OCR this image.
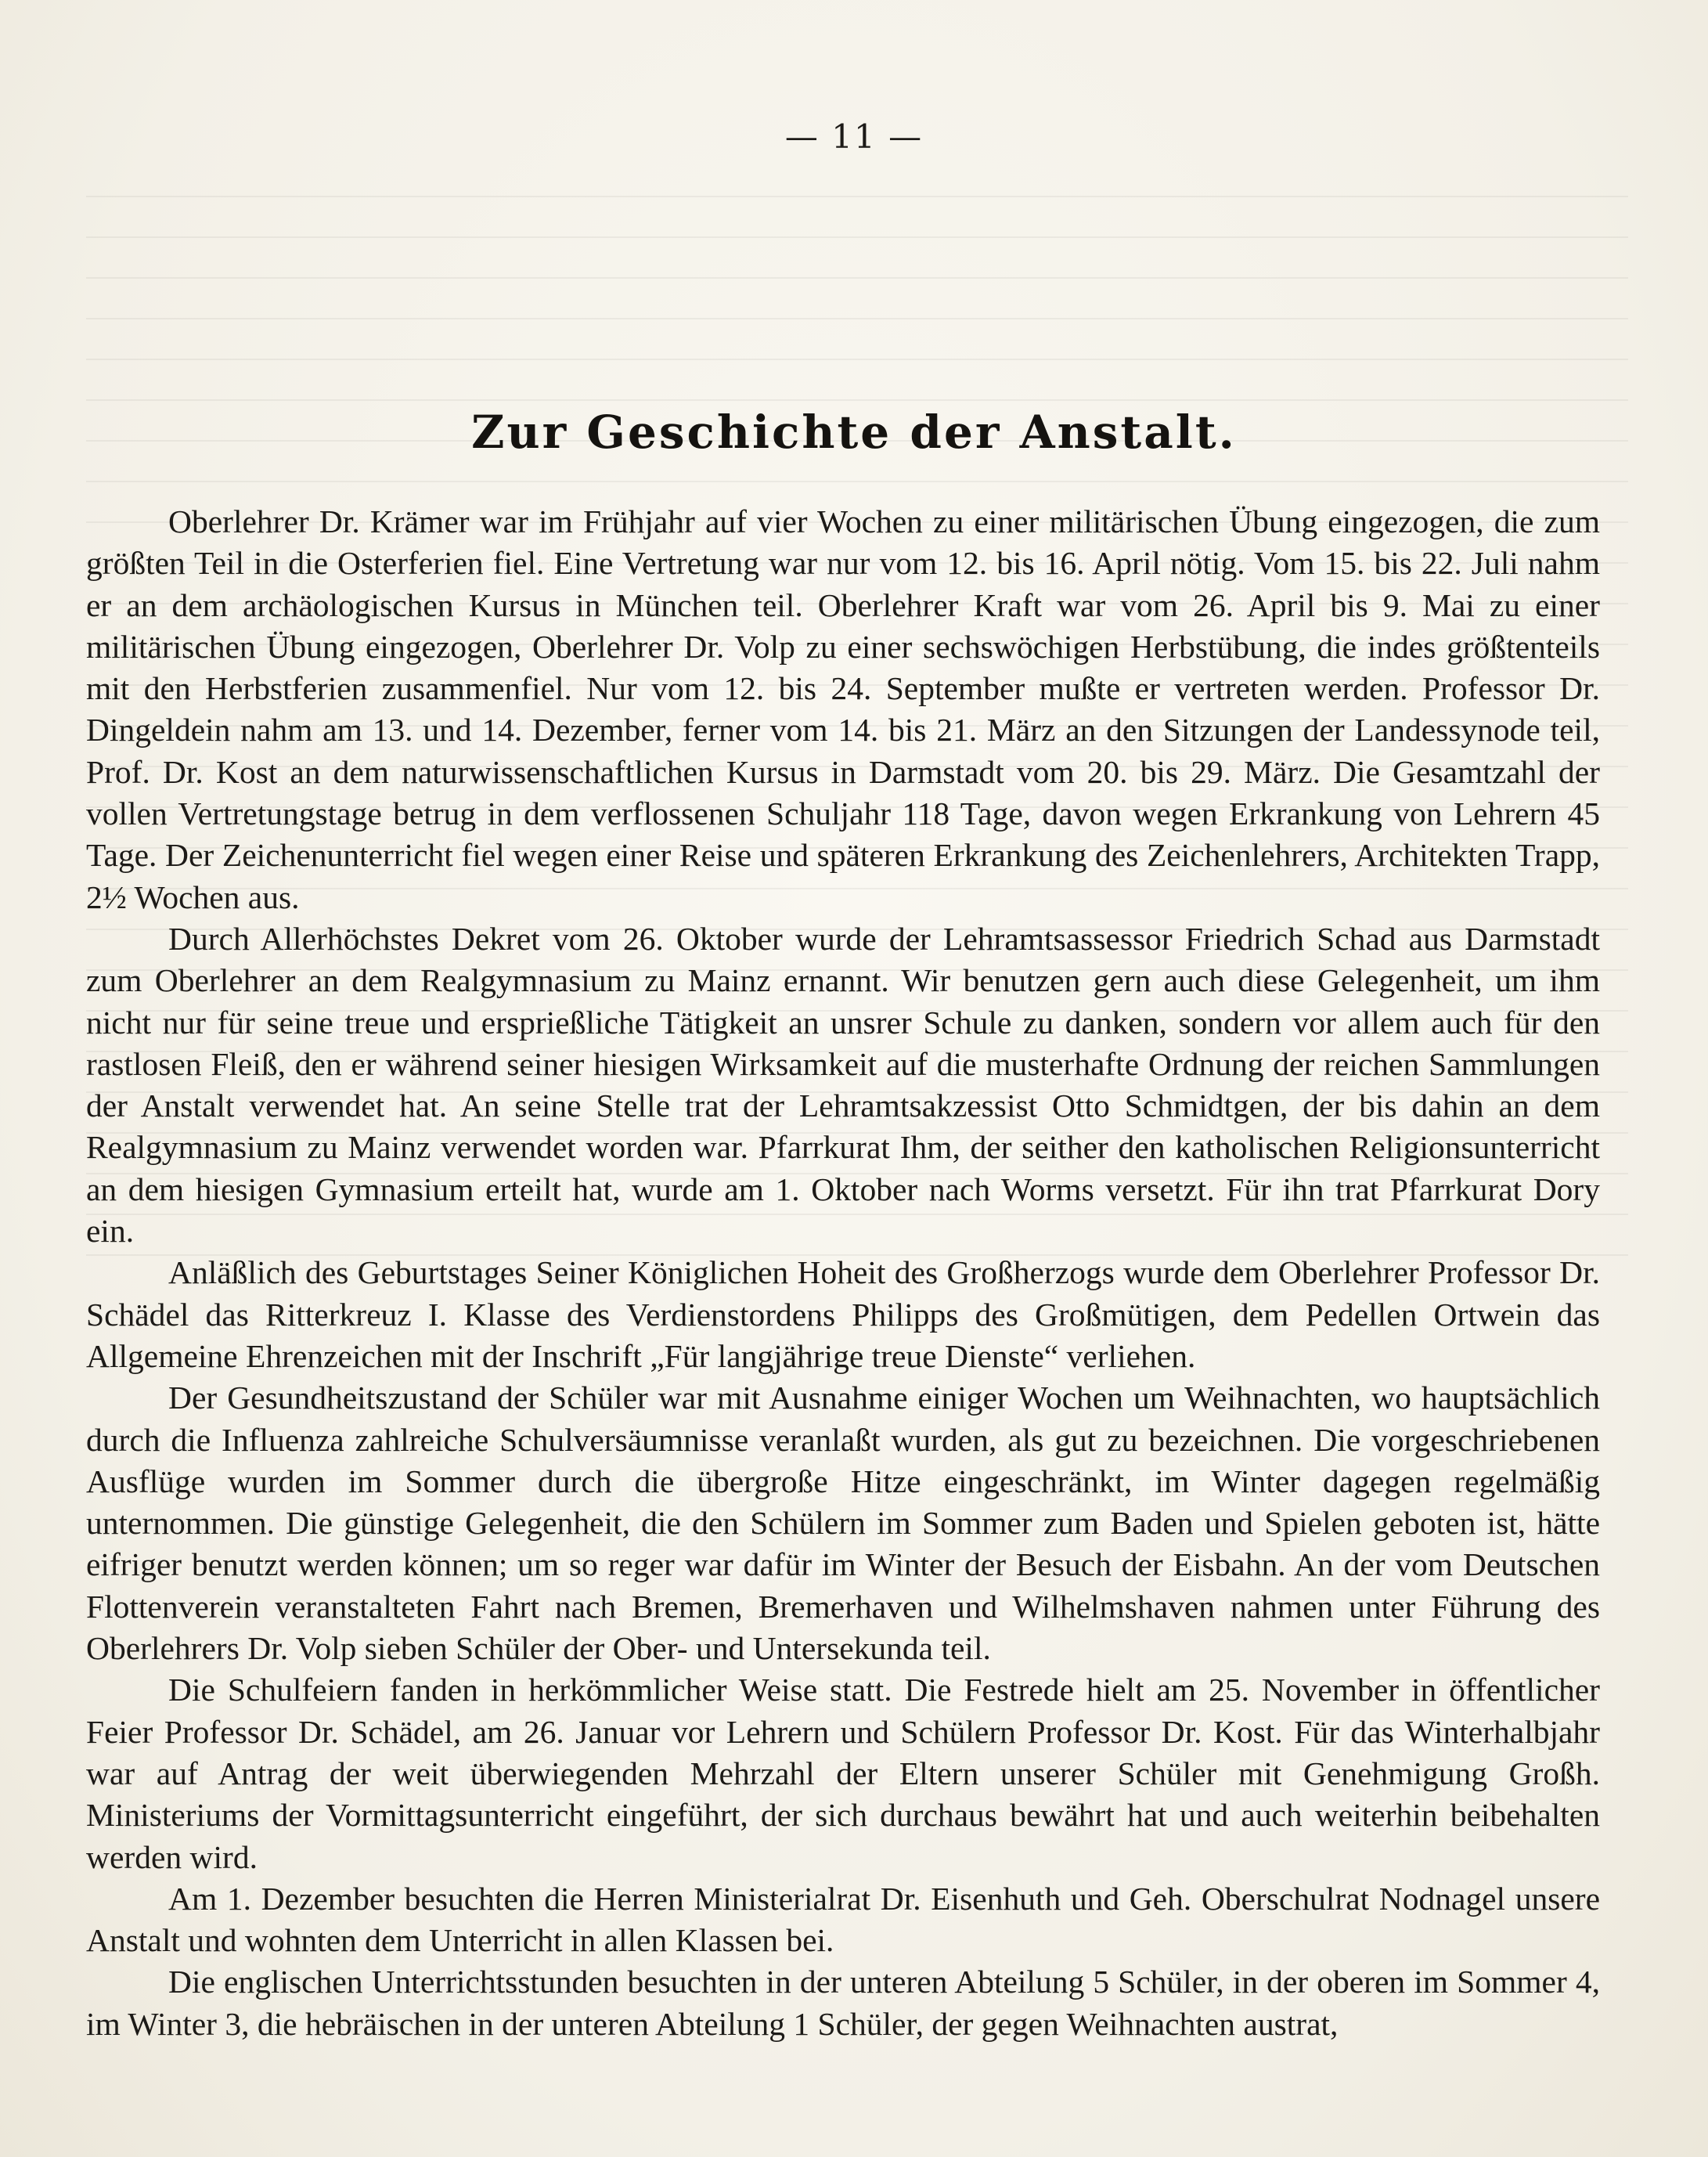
— 11 —
Zur Geschichte der Anstalt.

Oberlehrer Dr. Krämer war im Frühjahr auf vier Wochen zu einer militärischen Übung eingezogen, die zum größten Teil in die Osterferien fiel. Eine Vertretung war nur vom 12. bis 16. April nötig. Vom 15. bis 22. Juli nahm er an dem archäologischen Kursus in München teil. Oberlehrer Kraft war vom 26. April bis 9. Mai zu einer militärischen Übung eingezogen, Oberlehrer Dr. Volp zu einer sechswöchigen Herbstübung, die indes größtenteils mit den Herbstferien zusammenfiel. Nur vom 12. bis 24. September mußte er vertreten werden. Professor Dr. Dingeldein nahm am 13. und 14. Dezember, ferner vom 14. bis 21. März an den Sitzungen der Landessynode teil, Prof. Dr. Kost an dem naturwissenschaftlichen Kursus in Darmstadt vom 20. bis 29. März. Die Gesamtzahl der vollen Vertretungstage betrug in dem verflossenen Schuljahr 118 Tage, davon wegen Erkrankung von Lehrern 45 Tage. Der Zeichenunterricht fiel wegen einer Reise und späteren Erkrankung des Zeichenlehrers, Architekten Trapp, 2½ Wochen aus.

Durch Allerhöchstes Dekret vom 26. Oktober wurde der Lehramtsassessor Friedrich Schad aus Darmstadt zum Oberlehrer an dem Realgymnasium zu Mainz ernannt. Wir benutzen gern auch diese Gelegenheit, um ihm nicht nur für seine treue und ersprießliche Tätigkeit an unsrer Schule zu danken, sondern vor allem auch für den rastlosen Fleiß, den er während seiner hiesigen Wirksamkeit auf die musterhafte Ordnung der reichen Sammlungen der Anstalt verwendet hat. An seine Stelle trat der Lehramtsakzessist Otto Schmidtgen, der bis dahin an dem Realgymnasium zu Mainz verwendet worden war. Pfarrkurat Ihm, der seither den katholischen Religionsunterricht an dem hiesigen Gymnasium erteilt hat, wurde am 1. Oktober nach Worms versetzt. Für ihn trat Pfarrkurat Dory ein.

Anläßlich des Geburtstages Seiner Königlichen Hoheit des Großherzogs wurde dem Oberlehrer Professor Dr. Schädel das Ritterkreuz I. Klasse des Verdienstordens Philipps des Großmütigen, dem Pedellen Ortwein das Allgemeine Ehrenzeichen mit der Inschrift „Für langjährige treue Dienste“ verliehen.

Der Gesundheitszustand der Schüler war mit Ausnahme einiger Wochen um Weihnachten, wo hauptsächlich durch die Influenza zahlreiche Schulversäumnisse veranlaßt wurden, als gut zu bezeichnen. Die vorgeschriebenen Ausflüge wurden im Sommer durch die übergroße Hitze eingeschränkt, im Winter dagegen regelmäßig unternommen. Die günstige Gelegenheit, die den Schülern im Sommer zum Baden und Spielen geboten ist, hätte eifriger benutzt werden können; um so reger war dafür im Winter der Besuch der Eisbahn. An der vom Deutschen Flottenverein veranstalteten Fahrt nach Bremen, Bremerhaven und Wilhelmshaven nahmen unter Führung des Oberlehrers Dr. Volp sieben Schüler der Ober- und Untersekunda teil.

Die Schulfeiern fanden in herkömmlicher Weise statt. Die Festrede hielt am 25. November in öffentlicher Feier Professor Dr. Schädel, am 26. Januar vor Lehrern und Schülern Professor Dr. Kost. Für das Winterhalbjahr war auf Antrag der weit überwiegenden Mehrzahl der Eltern unserer Schüler mit Genehmigung Großh. Ministeriums der Vormittagsunterricht eingeführt, der sich durchaus bewährt hat und auch weiterhin beibehalten werden wird.

Am 1. Dezember besuchten die Herren Ministerialrat Dr. Eisenhuth und Geh. Oberschulrat Nodnagel unsere Anstalt und wohnten dem Unterricht in allen Klassen bei.

Die englischen Unterrichtsstunden besuchten in der unteren Abteilung 5 Schüler, in der oberen im Sommer 4, im Winter 3, die hebräischen in der unteren Abteilung 1 Schüler, der gegen Weihnachten austrat,
